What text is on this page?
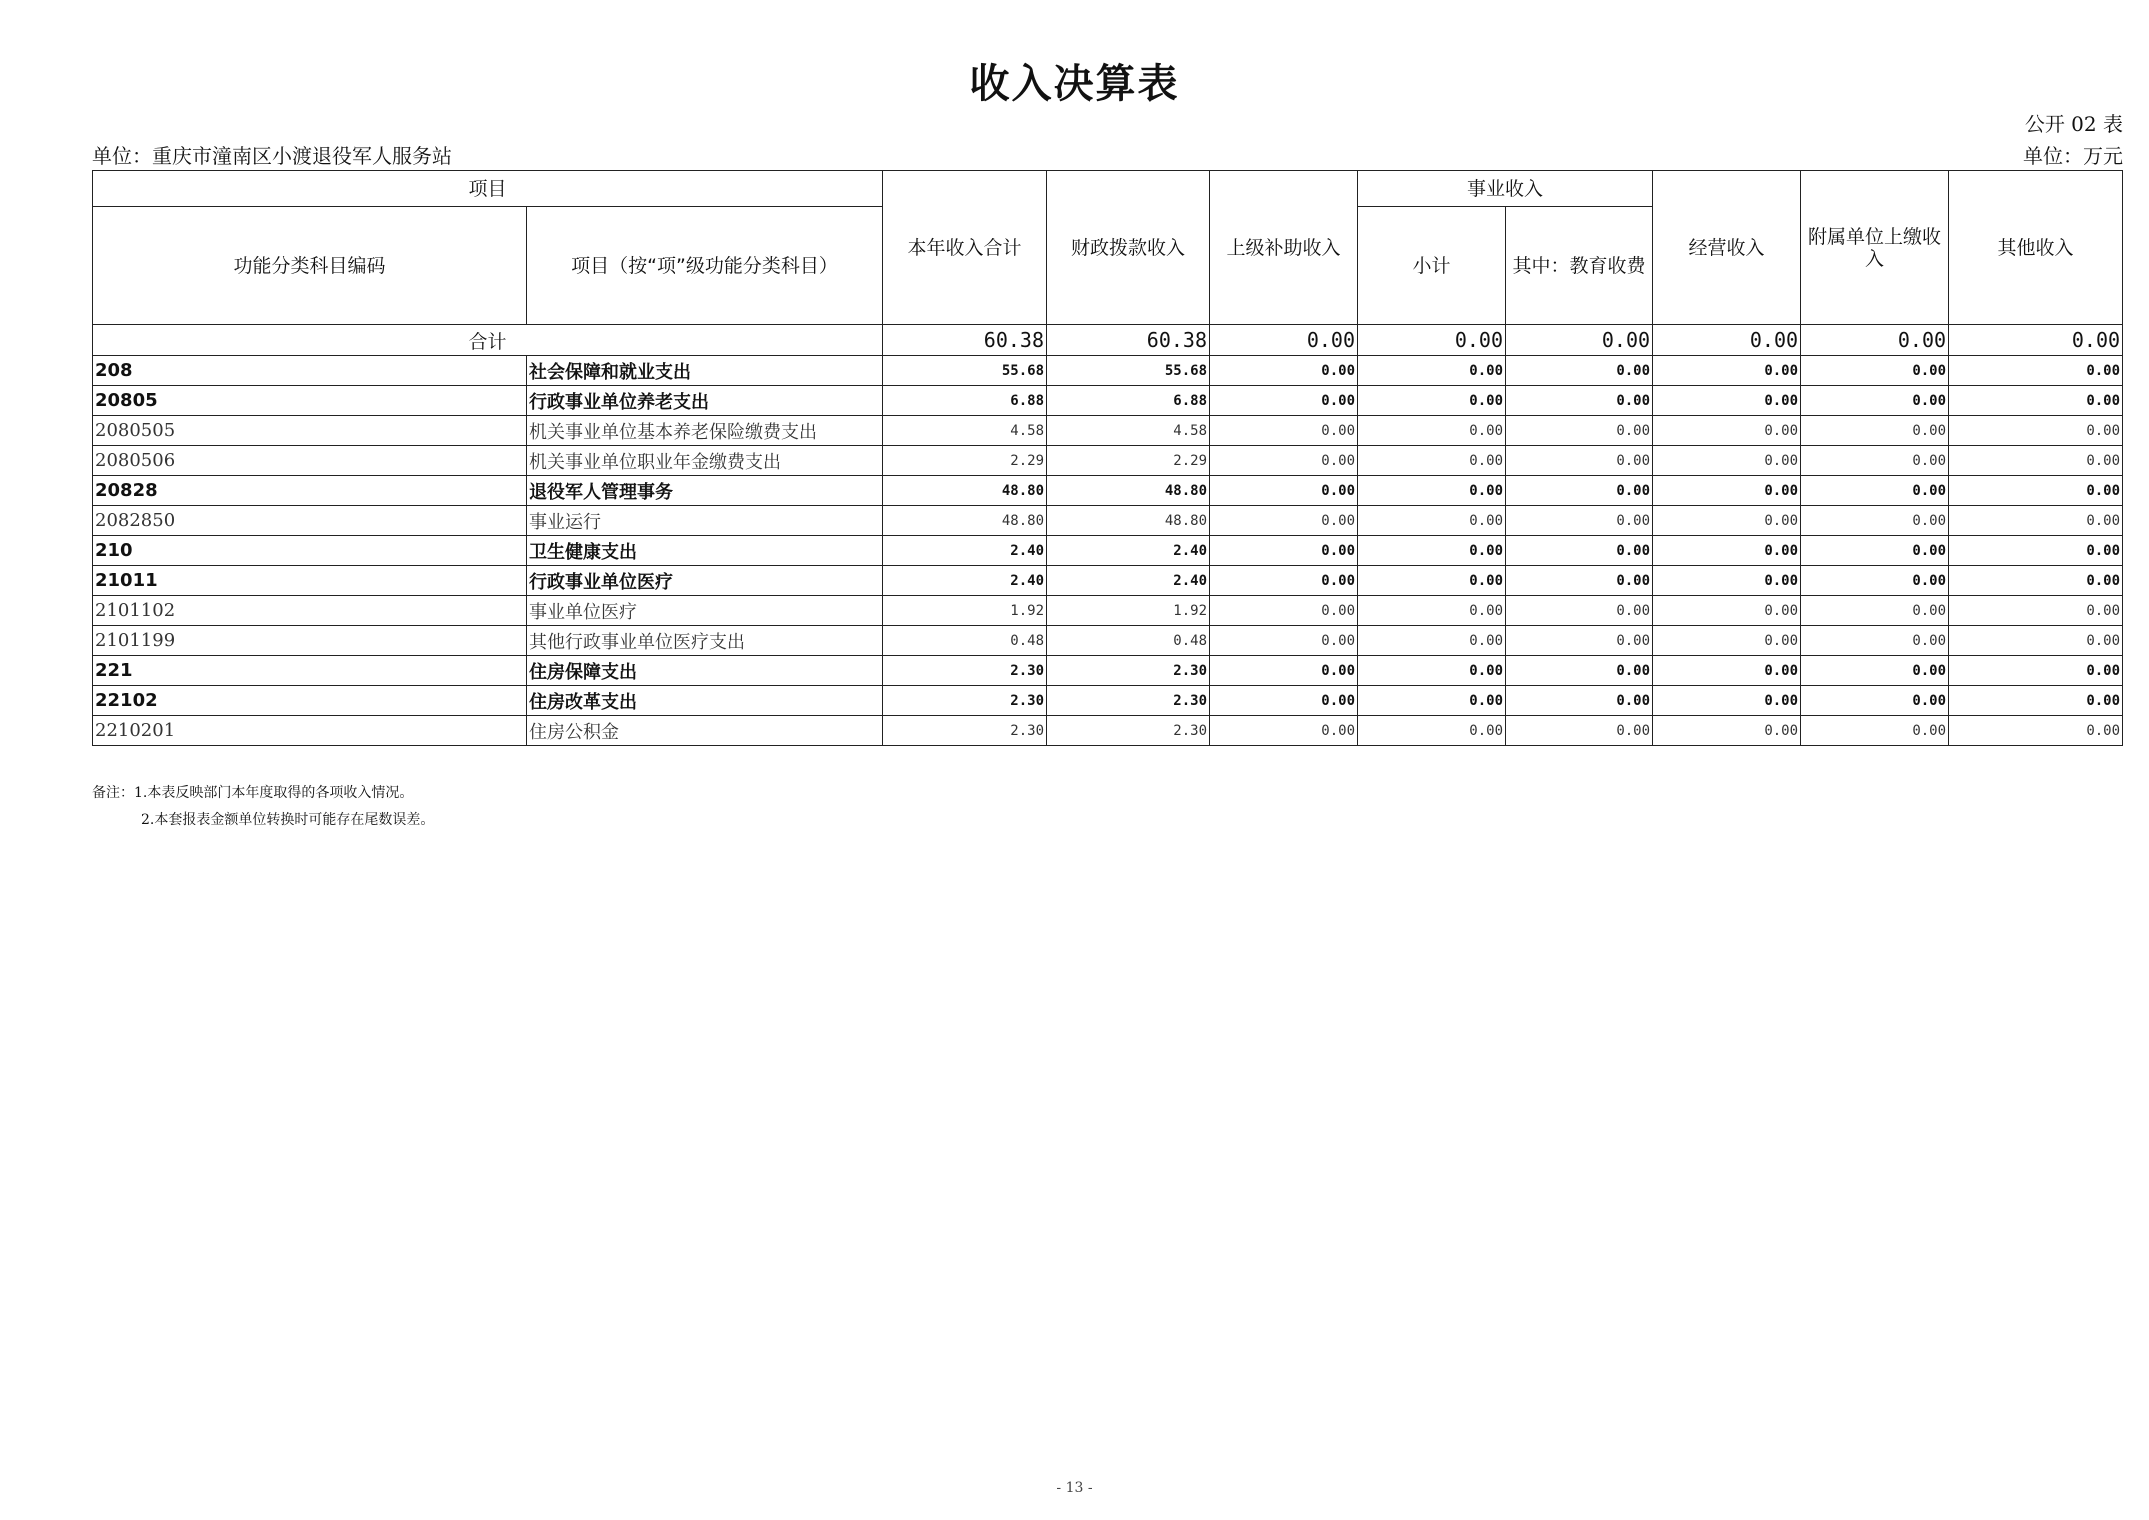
收入决算表
公开 02 表
单位：重庆市潼南区小渡退役军人服务站	单位：万元
项目		本年收入合计	财政拨款收入	上级补助收入	事业收入		经营收入	附属单位上缴收入	其他收入
功能分类科目编码	项目（按“项”级功能分类科目）				小计	其中：教育收费			
合计		60.38	60.38	0.00	0.00	0.00	0.00	0.00	0.00
208	社会保障和就业支出	55.68	55.68	0.00	0.00	0.00	0.00	0.00	0.00
20805	行政事业单位养老支出	6.88	6.88	0.00	0.00	0.00	0.00	0.00	0.00
2080505	机关事业单位基本养老保险缴费支出	4.58	4.58	0.00	0.00	0.00	0.00	0.00	0.00
2080506	机关事业单位职业年金缴费支出	2.29	2.29	0.00	0.00	0.00	0.00	0.00	0.00
20828	退役军人管理事务	48.80	48.80	0.00	0.00	0.00	0.00	0.00	0.00
2082850	事业运行	48.80	48.80	0.00	0.00	0.00	0.00	0.00	0.00
210	卫生健康支出	2.40	2.40	0.00	0.00	0.00	0.00	0.00	0.00
21011	行政事业单位医疗	2.40	2.40	0.00	0.00	0.00	0.00	0.00	0.00
2101102	事业单位医疗	1.92	1.92	0.00	0.00	0.00	0.00	0.00	0.00
2101199	其他行政事业单位医疗支出	0.48	0.48	0.00	0.00	0.00	0.00	0.00	0.00
221	住房保障支出	2.30	2.30	0.00	0.00	0.00	0.00	0.00	0.00
22102	住房改革支出	2.30	2.30	0.00	0.00	0.00	0.00	0.00	0.00
2210201	住房公积金	2.30	2.30	0.00	0.00	0.00	0.00	0.00	0.00
备注：1.本表反映部门本年度取得的各项收入情况。
2.本套报表金额单位转换时可能存在尾数误差。
- 13 -
